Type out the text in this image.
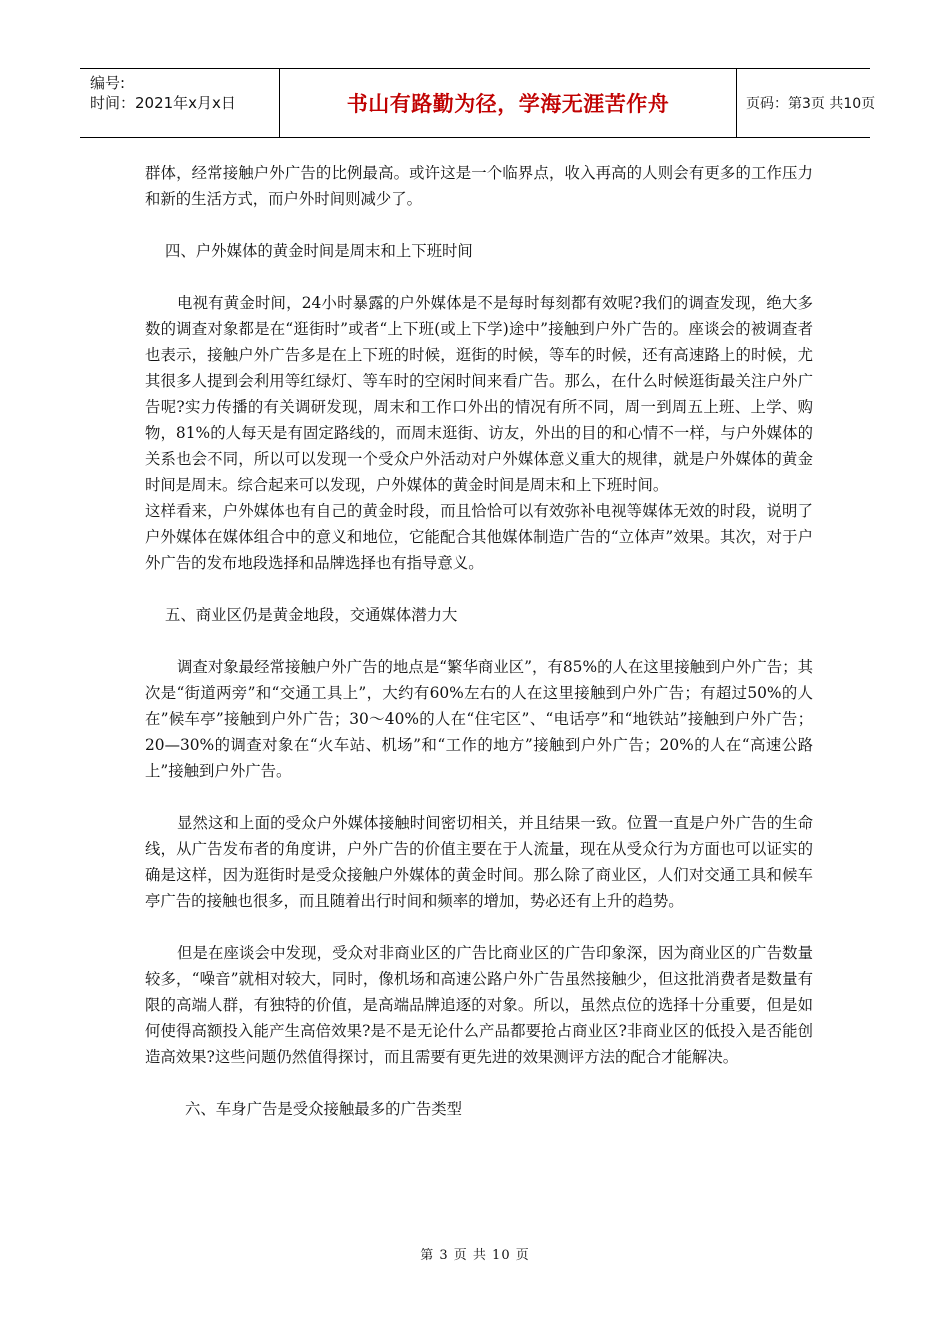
编号:
时间：2021年x月x日	书山有路勤为径，学海无涯苦作舟	页码：第3页 共10页

群体，经常接触户外广告的比例最高。或许这是一个临界点，收入再高的人则会有更多的工作压力和新的生活方式，而户外时间则减少了。

四、户外媒体的黄金时间是周末和上下班时间

电视有黄金时间，24小时暴露的户外媒体是不是每时每刻都有效呢?我们的调查发现，绝大多数的调查对象都是在“逛街时”或者“上下班(或上下学)途中”接触到户外广告的。座谈会的被调查者也表示，接触户外广告多是在上下班的时候，逛街的时候，等车的时候，还有高速路上的时候，尤其很多人提到会利用等红绿灯、等车时的空闲时间来看广告。那么，在什么时候逛街最关注户外广告呢?实力传播的有关调研发现，周末和工作口外出的情况有所不同，周一到周五上班、上学、购物，81%的人每天是有固定路线的，而周末逛街、访友，外出的目的和心情不一样，与户外媒体的关系也会不同，所以可以发现一个受众户外活动对户外媒体意义重大的规律，就是户外媒体的黄金时间是周末。综合起来可以发现，户外媒体的黄金时间是周末和上下班时间。

这样看来，户外媒体也有自己的黄金时段，而且恰恰可以有效弥补电视等媒体无效的时段，说明了户外媒体在媒体组合中的意义和地位，它能配合其他媒体制造广告的“立体声”效果。其次，对于户外广告的发布地段选择和品牌选择也有指导意义。

五、商业区仍是黄金地段，交通媒体潜力大

调查对象最经常接触户外广告的地点是“繁华商业区”，有85%的人在这里接触到户外广告；其次是“街道两旁”和“交通工具上”，大约有60%左右的人在这里接触到户外广告；有超过50%的人在”候车亭”接触到户外广告；30～40%的人在“住宅区”、“电话亭”和“地铁站”接触到户外广告；20—30%的调查对象在“火车站、机场”和“工作的地方”接触到户外广告；20%的人在“高速公路上”接触到户外广告。

显然这和上面的受众户外媒体接触时间密切相关，并且结果一致。位置一直是户外广告的生命线，从广告发布者的角度讲，户外广告的价值主要在于人流量，现在从受众行为方面也可以证实的确是这样，因为逛街时是受众接触户外媒体的黄金时间。那么除了商业区，人们对交通工具和候车亭广告的接触也很多，而且随着出行时间和频率的增加，势必还有上升的趋势。

但是在座谈会中发现，受众对非商业区的广告比商业区的广告印象深，因为商业区的广告数量较多，“噪音”就相对较大，同时，像机场和高速公路户外广告虽然接触少，但这批消费者是数量有限的高端人群，有独特的价值，是高端品牌追逐的对象。所以，虽然点位的选择十分重要，但是如何使得高额投入能产生高倍效果?是不是无论什么产品都要抢占商业区?非商业区的低投入是否能创造高效果?这些问题仍然值得探讨，而且需要有更先进的效果测评方法的配合才能解决。

六、车身广告是受众接触最多的广告类型

第 3 页 共 10 页
